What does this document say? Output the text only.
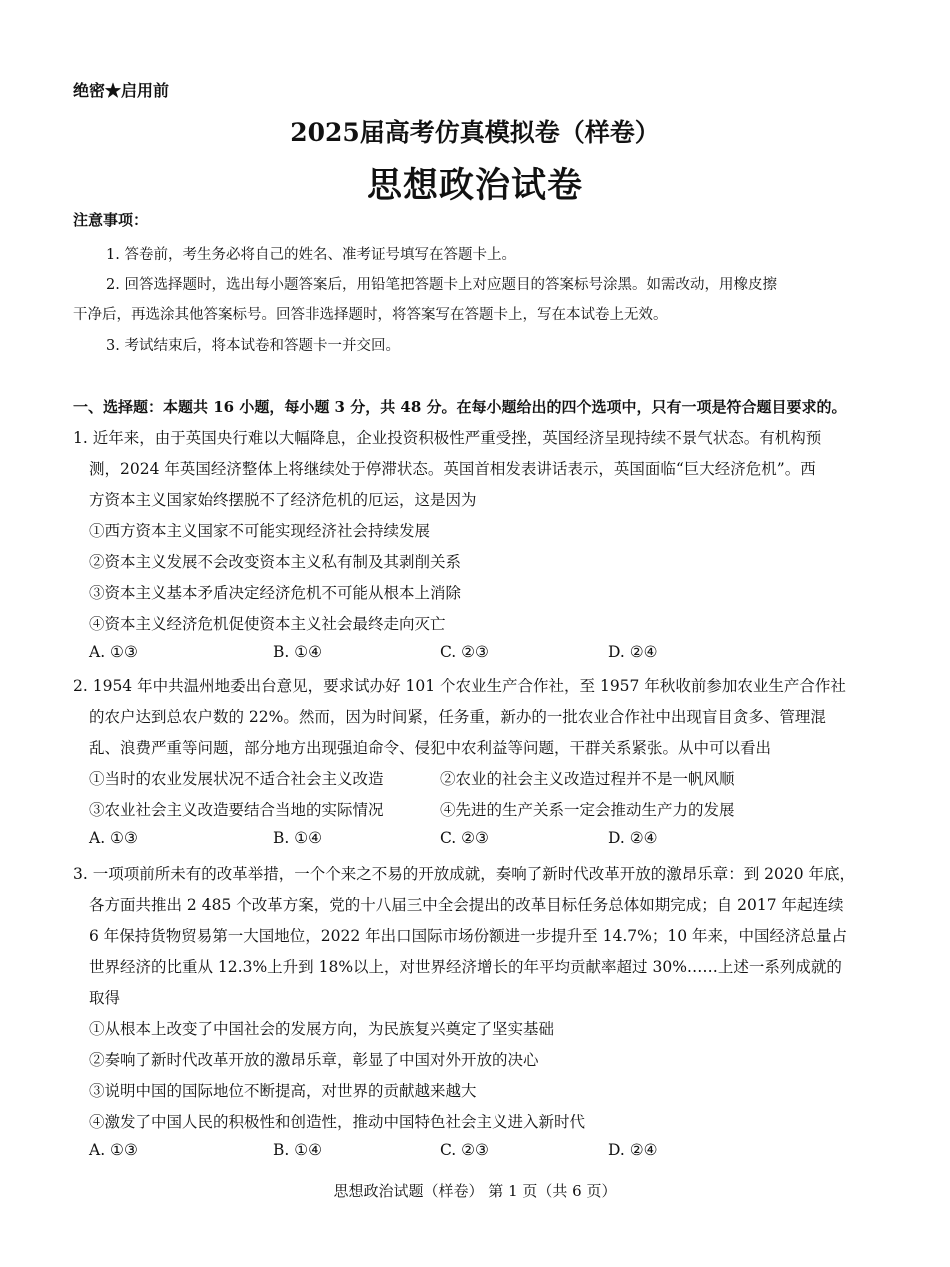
绝密★启用前
2025届高考仿真模拟卷（样卷）
思想政治试卷
注意事项：
1. 答卷前，考生务必将自己的姓名、准考证号填写在答题卡上。
2. 回答选择题时，选出每小题答案后，用铅笔把答题卡上对应题目的答案标号涂黑。如需改动，用橡皮擦
干净后，再选涂其他答案标号。回答非选择题时，将答案写在答题卡上，写在本试卷上无效。
3. 考试结束后，将本试卷和答题卡一并交回。
一、选择题：本题共 16 小题，每小题 3 分，共 48 分。在每小题给出的四个选项中，只有一项是符合题目要求的。
1. 近年来，由于英国央行难以大幅降息，企业投资积极性严重受挫，英国经济呈现持续不景气状态。有机构预
测，2024 年英国经济整体上将继续处于停滞状态。英国首相发表讲话表示，英国面临“巨大经济危机”。西
方资本主义国家始终摆脱不了经济危机的厄运，这是因为
①西方资本主义国家不可能实现经济社会持续发展
②资本主义发展不会改变资本主义私有制及其剥削关系
③资本主义基本矛盾决定经济危机不可能从根本上消除
④资本主义经济危机促使资本主义社会最终走向灭亡
A. ①③	B. ①④	C. ②③	D. ②④
2. 1954 年中共温州地委出台意见，要求试办好 101 个农业生产合作社，至 1957 年秋收前参加农业生产合作社
的农户达到总农户数的 22%。然而，因为时间紧，任务重，新办的一批农业合作社中出现盲目贪多、管理混
乱、浪费严重等问题，部分地方出现强迫命令、侵犯中农利益等问题，干群关系紧张。从中可以看出
①当时的农业发展状况不适合社会主义改造	②农业的社会主义改造过程并不是一帆风顺
③农业社会主义改造要结合当地的实际情况	④先进的生产关系一定会推动生产力的发展
A. ①③	B. ①④	C. ②③	D. ②④
3. 一项项前所未有的改革举措，一个个来之不易的开放成就，奏响了新时代改革开放的激昂乐章：到 2020 年底，
各方面共推出 2 485 个改革方案，党的十八届三中全会提出的改革目标任务总体如期完成；自 2017 年起连续
6 年保持货物贸易第一大国地位，2022 年出口国际市场份额进一步提升至 14.7%；10 年来，中国经济总量占
世界经济的比重从 12.3%上升到 18%以上，对世界经济增长的年平均贡献率超过 30%……上述一系列成就的
取得
①从根本上改变了中国社会的发展方向，为民族复兴奠定了坚实基础
②奏响了新时代改革开放的激昂乐章，彰显了中国对外开放的决心
③说明中国的国际地位不断提高，对世界的贡献越来越大
④激发了中国人民的积极性和创造性，推动中国特色社会主义进入新时代
A. ①③	B. ①④	C. ②③	D. ②④
思想政治试题（样卷） 第 1 页（共 6 页）
